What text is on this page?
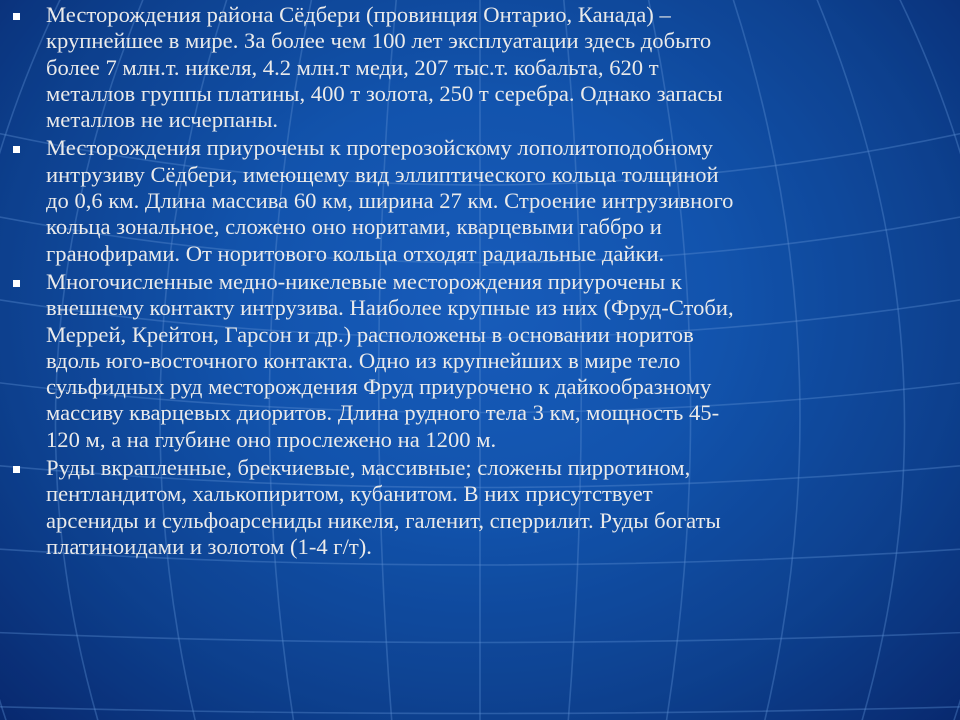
Месторождения района Сёдбери (провинция Онтарио, Канада) –
крупнейшее в мире. За более чем 100 лет эксплуатации здесь добыто
более 7 млн.т. никеля, 4.2 млн.т меди, 207 тыс.т. кобальта, 620 т
металлов группы платины, 400 т золота, 250 т серебра. Однако запасы
металлов не исчерпаны.
Месторождения приурочены к протерозойскому лополитоподобному
интрузиву Сёдбери, имеющему вид эллиптического кольца толщиной
до 0,6 км. Длина массива 60 км, ширина 27 км. Строение интрузивного
кольца зональное, сложено оно норитами, кварцевыми габбро и
гранофирами. От норитового кольца отходят радиальные дайки.
Многочисленные медно-никелевые месторождения приурочены к
внешнему контакту интрузива. Наиболее крупные из них (Фруд-Стоби,
Меррей, Крейтон, Гарсон и др.) расположены в основании норитов
вдоль юго-восточного контакта. Одно из крупнейших в мире тело
сульфидных руд месторождения Фруд приурочено к дайкообразному
массиву кварцевых диоритов. Длина рудного тела 3 км, мощность 45-
120 м, а на глубине оно прослежено на 1200 м.
Руды вкрапленные, брекчиевые, массивные; сложены пирротином,
пентландитом, халькопиритом, кубанитом. В них присутствует
арсениды и сульфоарсениды никеля, галенит, сперрилит. Руды богаты
платиноидами и золотом (1-4 г/т).
